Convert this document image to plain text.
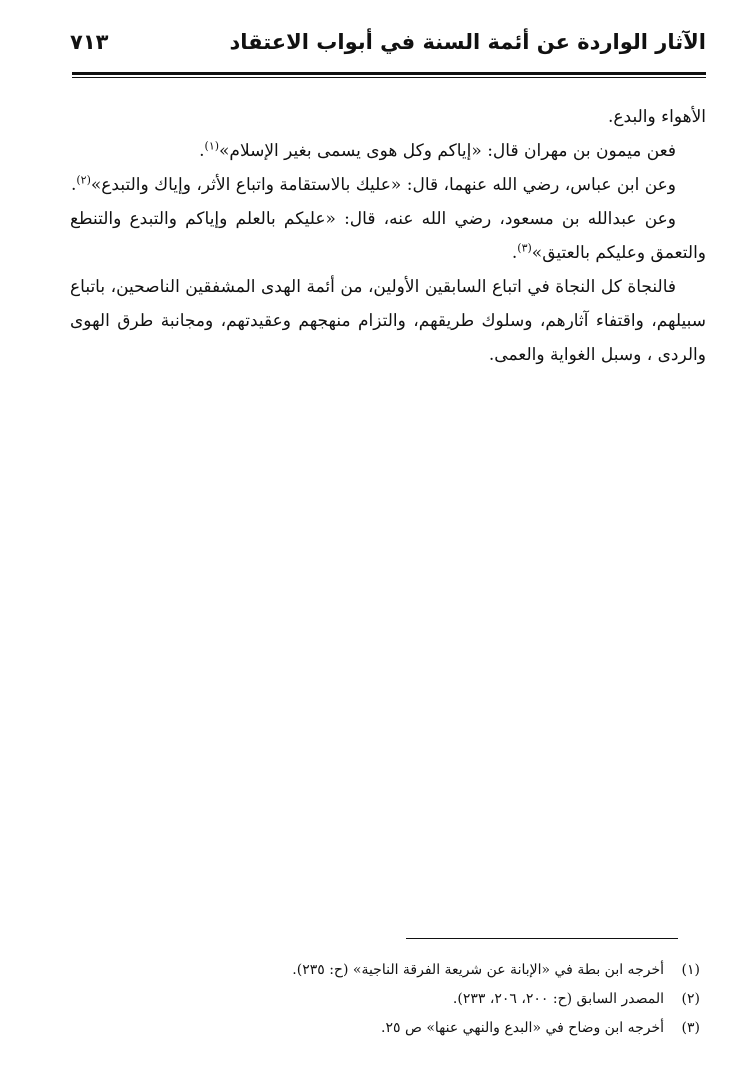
الآثار الواردة عن أئمة السنة في أبواب الاعتقاد
٧١٣

الأهواء والبدع.

فعن ميمون بن مهران قال: «إياكم وكل هوى يسمى بغير الإسلام»$^{(١)}$.

وعن ابن عباس، رضي الله عنهما، قال: «عليك بالاستقامة واتباع الأثر، وإياك والتبدع»$^{(٢)}$.

وعن عبدالله بن مسعود، رضي الله عنه، قال: «عليكم بالعلم وإياكم والتبدع والتنطع والتعمق وعليكم بالعتيق»$^{(٣)}$.

فالنجاة كل النجاة في اتباع السابقين الأولين، من أئمة الهدى المشفقين الناصحين، باتباع سبيلهم، واقتفاء آثارهم، وسلوك طريقهم، والتزام منهجهم وعقيدتهم، ومجانبة طرق الهوى والردى ، وسبل الغواية والعمى.

(١)أخرجه ابن بطة في «الإبانة عن شريعة الفرقة الناجية» (ح: ٢٣٥).
(٢)المصدر السابق (ح: ٢٠٠، ٢٠٦، ٢٣٣).
(٣)أخرجه ابن وضاح في «البدع والنهي عنها» ص ٢٥.
